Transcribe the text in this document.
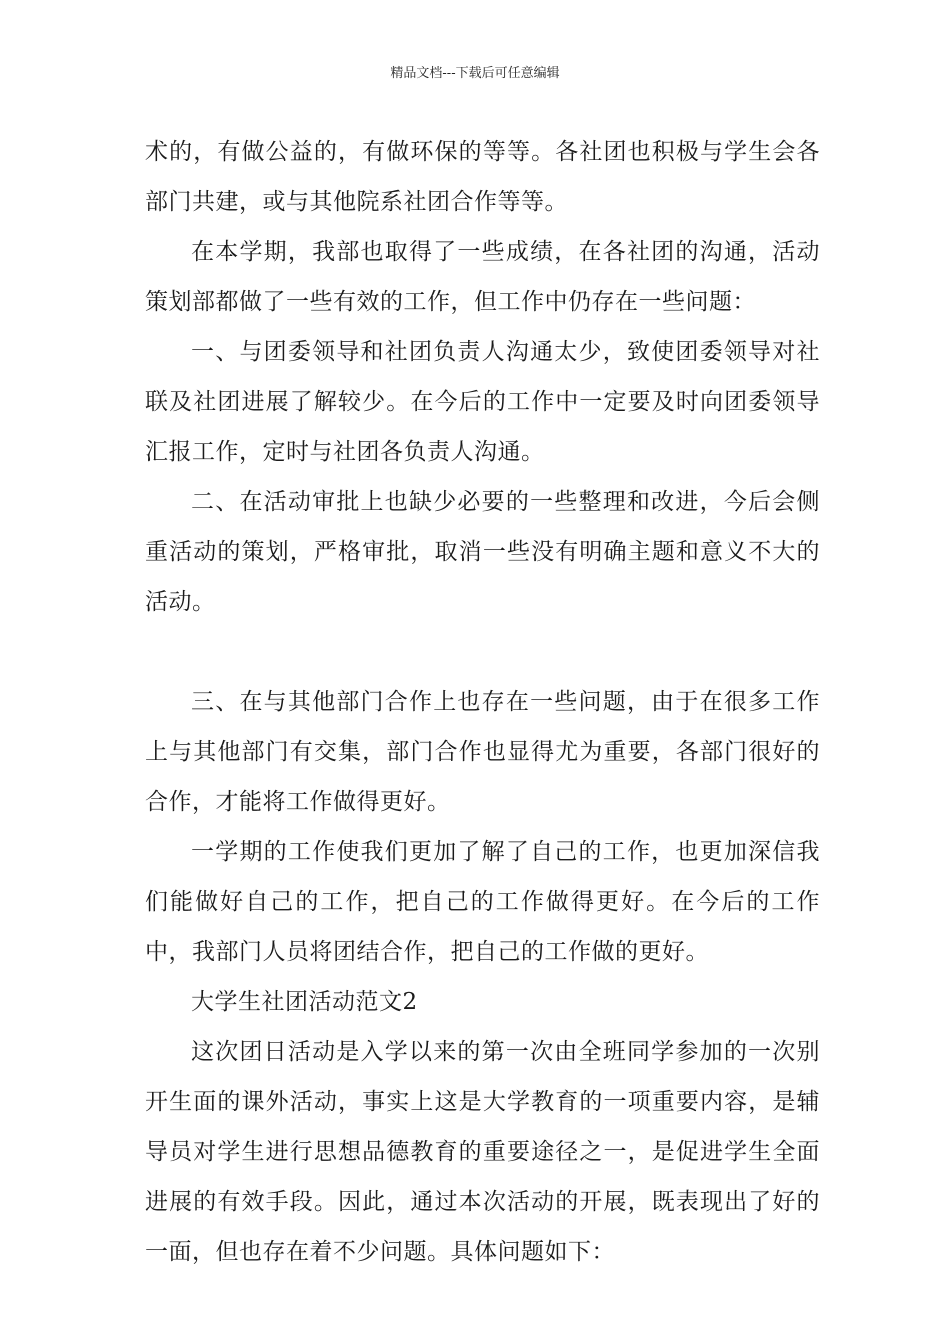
精品文档---下载后可任意编辑

术的，有做公益的，有做环保的等等。各社团也积极与学生会各部门共建，或与其他院系社团合作等等。

在本学期，我部也取得了一些成绩，在各社团的沟通，活动策划部都做了一些有效的工作，但工作中仍存在一些问题：

一、与团委领导和社团负责人沟通太少，致使团委领导对社联及社团进展了解较少。在今后的工作中一定要及时向团委领导汇报工作，定时与社团各负责人沟通。

二、在活动审批上也缺少必要的一些整理和改进，今后会侧重活动的策划，严格审批，取消一些没有明确主题和意义不大的活动。

三、在与其他部门合作上也存在一些问题，由于在很多工作上与其他部门有交集，部门合作也显得尤为重要，各部门很好的合作，才能将工作做得更好。

一学期的工作使我们更加了解了自己的工作，也更加深信我们能做好自己的工作，把自己的工作做得更好。在今后的工作中，我部门人员将团结合作，把自己的工作做的更好。

大学生社团活动范文2

这次团日活动是入学以来的第一次由全班同学参加的一次别开生面的课外活动，事实上这是大学教育的一项重要内容，是辅导员对学生进行思想品德教育的重要途径之一，是促进学生全面进展的有效手段。因此，通过本次活动的开展，既表现出了好的一面，但也存在着不少问题。具体问题如下：
